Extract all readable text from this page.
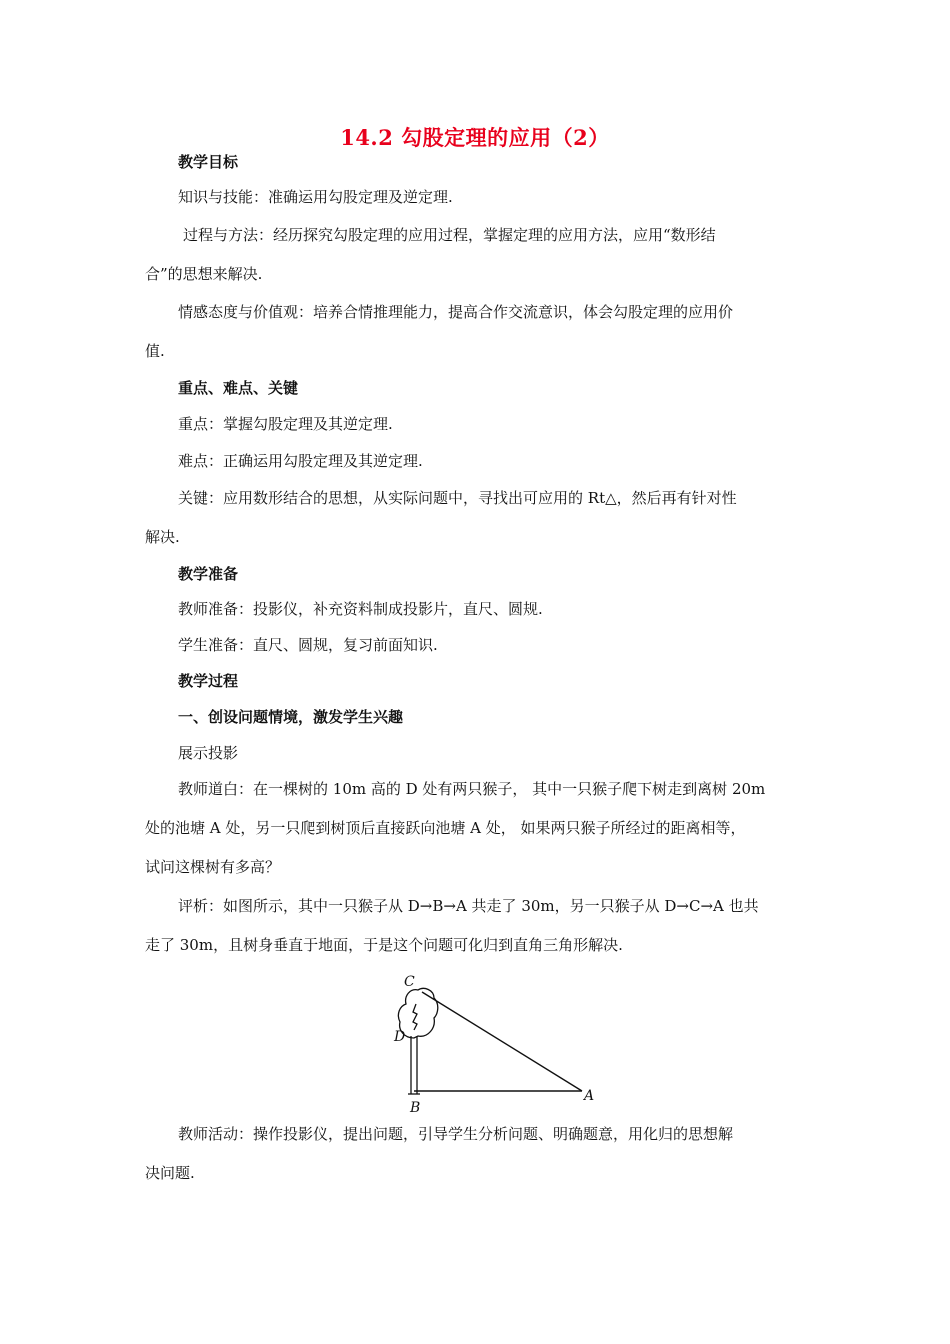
14.2 勾股定理的应用（2）
教学目标
知识与技能：准确运用勾股定理及逆定理.
过程与方法：经历探究勾股定理的应用过程，掌握定理的应用方法，应用“数形结
合”的思想来解决.
情感态度与价值观：培养合情推理能力，提高合作交流意识，体会勾股定理的应用价
值.
重点、难点、关键
重点：掌握勾股定理及其逆定理.
难点：正确运用勾股定理及其逆定理.
关键：应用数形结合的思想，从实际问题中，寻找出可应用的 Rt△，然后再有针对性
解决.
教学准备
教师准备：投影仪，补充资料制成投影片，直尺、圆规.
学生准备：直尺、圆规，复习前面知识.
教学过程
一、创设问题情境，激发学生兴趣
展示投影
教师道白：在一棵树的 10m 高的 D 处有两只猴子， 其中一只猴子爬下树走到离树 20m
处的池塘 A 处，另一只爬到树顶后直接跃向池塘 A 处， 如果两只猴子所经过的距离相等，
试问这棵树有多高？
评析：如图所示，其中一只猴子从 D→B→A 共走了 30m，另一只猴子从 D→C→A 也共
走了 30m，且树身垂直于地面，于是这个问题可化归到直角三角形解决.
C
D
B
A
教师活动：操作投影仪，提出问题，引导学生分析问题、明确题意，用化归的思想解
决问题.
